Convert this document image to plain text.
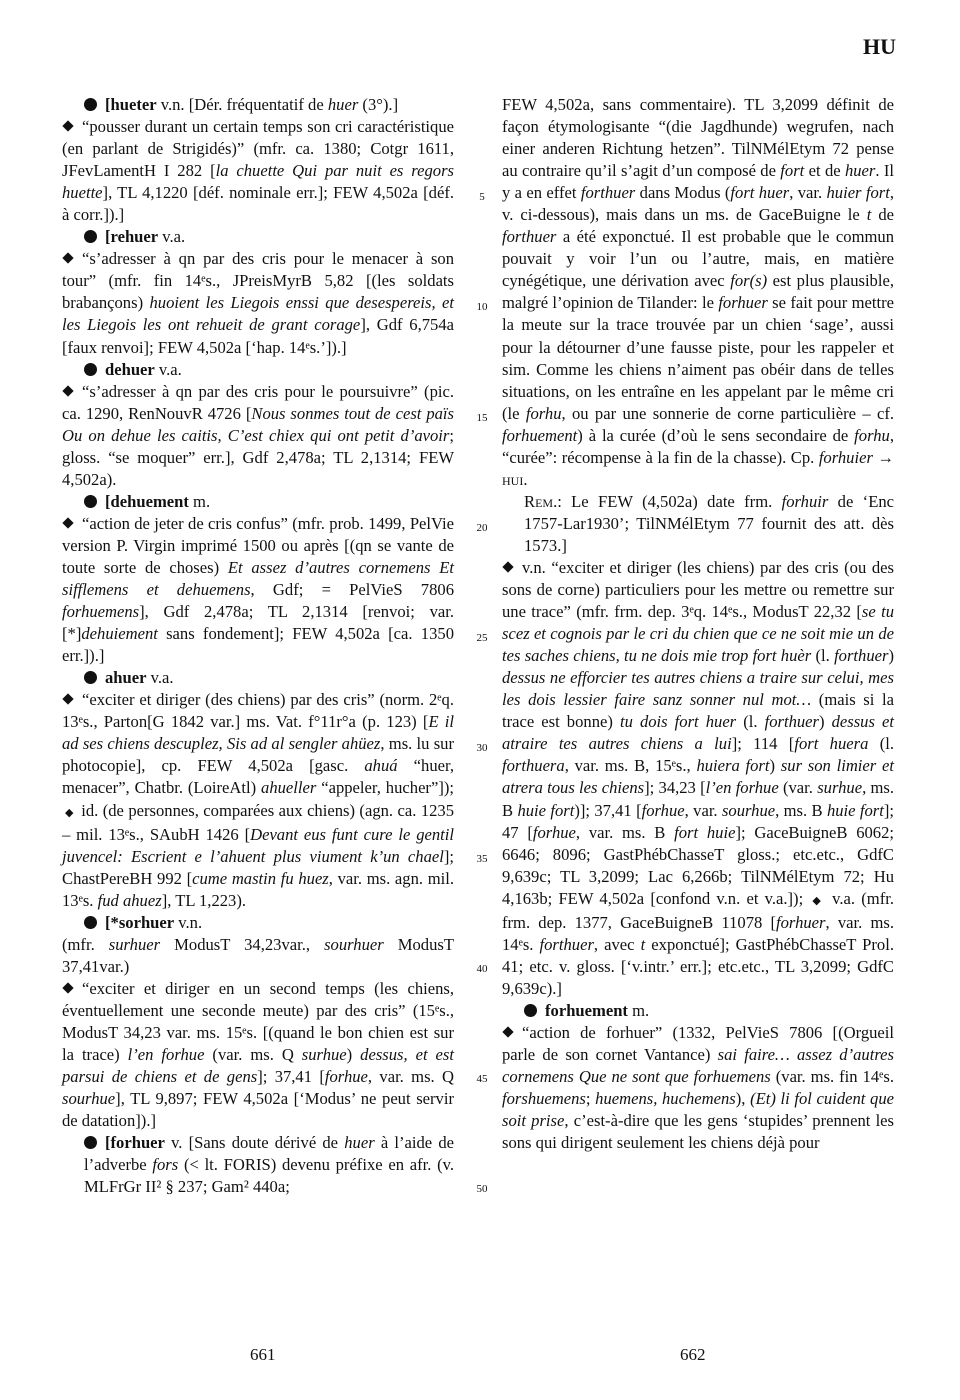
HU

[hueter v.n. [Dér. fréquentatif de huer (3°).]

“pousser durant un certain temps son cri caractéristique (en parlant de Strigidés)” (mfr. ca. 1380; Cotgr 1611, JFevLamentH I 282 [la chuette Qui par nuit es regors huette], TL 4,1220 [déf. nominale err.]; FEW 4,502a [déf. à corr.]).]

[rehuer v.a.

“s’adresser à qn par des cris pour le menacer à son tour” (mfr. fin 14ᵉs., JPreisMyrB 5,82 [(les soldats brabançons) huoient les Liegois enssi que desespereis, et les Liegois les ont rehueit de grant corage], Gdf 6,754a [faux renvoi]; FEW 4,502a [‘hap. 14ᵉs.’]).]

dehuer v.a.

“s’adresser à qn par des cris pour le poursuivre” (pic. ca. 1290, RenNouvR 4726 [Nous sonmes tout de cest païs Ou on dehue les caitis, C’est chiex qui ont petit d’avoir; gloss. “se moquer” err.], Gdf 2,478a; TL 2,1314; FEW 4,502a).

[dehuement m.

“action de jeter de cris confus” (mfr. prob. 1499, PelVie version P. Virgin imprimé 1500 ou après [(qn se vante de toute sorte de choses) Et assez d’autres cornemens Et sifflemens et dehuemens, Gdf; = PelVieS 7806 forhuemens], Gdf 2,478a; TL 2,1314 [renvoi; var. [*]dehuiement sans fondement]; FEW 4,502a [ca. 1350 err.]).]

ahuer v.a.

“exciter et diriger (des chiens) par des cris” (norm. 2ᵉq. 13ᵉs., Parton[G 1842 var.] ms. Vat. f°11r°a (p. 123) [E il ad ses chiens descuplez, Sis ad al sengler ahüez, ms. lu sur photocopie], cp. FEW 4,502a [gasc. ahuá “huer, menacer”, Chatbr. (LoireAtl) ahueller “appeler, hucher”]); ◆ id. (de personnes, comparées aux chiens) (agn. ca. 1235 – mil. 13ᵉs., SAubH 1426 [Devant eus funt cure le gentil juvencel: Escrient e l’ahuent plus viument k’un chael]; ChastPereBH 992 [cume mastin fu huez, var. ms. agn. mil. 13ᵉs. fud ahuez], TL 1,223).

[*sorhuer v.n.

(mfr. surhuer ModusT 34,23var., sourhuer ModusT 37,41var.)

“exciter et diriger en un second temps (les chiens, éventuellement une seconde meute) par des cris” (15ᵉs., ModusT 34,23 var. ms. 15ᵉs. [(quand le bon chien est sur la trace) l’en forhue (var. ms. Q surhue) dessus, et est parsui de chiens et de gens]; 37,41 [forhue, var. ms. Q sourhue], TL 9,897; FEW 4,502a [‘Modus’ ne peut servir de datation]).]

[forhuer v. [Sans doute dérivé de huer à l’aide de l’adverbe fors (< lt. FORIS) devenu préfixe en afr. (v. MLFrGr II² § 237; Gam² 440a;

5
10
15
20
25
30
35
40
45
50

FEW 4,502a, sans commentaire). TL 3,2099 définit de façon étymologisante “(die Jagdhunde) wegrufen, nach einer anderen Richtung hetzen”. TilNMélEtym 72 pense au contraire qu’il s’agit d’un composé de fort et de huer. Il y a en effet forthuer dans Modus (fort huer, var. huier fort, v. ci-dessous), mais dans un ms. de GaceBuigne le t de forthuer a été exponctué. Il est probable que le commun pouvait y voir l’un ou l’autre, mais, en matière cynégétique, une dérivation avec for(s) est plus plausible, malgré l’opinion de Tilander: le forhuer se fait pour mettre la meute sur la trace trouvée par un chien ‘sage’, aussi pour la détourner d’une fausse piste, pour les rappeler et sim. Comme les chiens n’aiment pas obéir dans de telles situations, on les entraîne en les appelant par le même cri (le forhu, ou par une sonnerie de corne particulière – cf. forhuement) à la curée (d’où le sens secondaire de forhu, “curée”: récompense à la fin de la chasse). Cp. forhuier → hui.

Rem.: Le FEW (4,502a) date frm. forhuir de ‘Enc 1757-Lar1930’; TilNMélEtym 77 fournit des att. dès 1573.]

v.n. “exciter et diriger (les chiens) par des cris (ou des sons de corne) particuliers pour les mettre ou remettre sur une trace” (mfr. frm. dep. 3ᵉq. 14ᵉs., ModusT 22,32 [se tu scez et cognois par le cri du chien que ce ne soit mie un de tes saches chiens, tu ne dois mie trop fort huèr (l. forthuer) dessus ne efforcier tes autres chiens a traire sur celui, mes les dois lessier faire sanz sonner nul mot… (mais si la trace est bonne) tu dois fort huer (l. forthuer) dessus et atraire tes autres chiens a lui]; 114 [fort huera (l. forthuera, var. ms. B, 15ᵉs., huiera fort) sur son limier et atrera tous les chiens]; 34,23 [l’en forhue (var. surhue, ms. B huie fort)]; 37,41 [forhue, var. sourhue, ms. B huie fort]; 47 [forhue, var. ms. B fort huie]; GaceBuigneB 6062; 6646; 8096; GastPhébChasseT gloss.; etc.etc., GdfC 9,639c; TL 3,2099; Lac 6,266b; TilNMélEtym 72; Hu 4,163b; FEW 4,502a [confond v.n. et v.a.]); ◆ v.a. (mfr. frm. dep. 1377, GaceBuigneB 11078 [forhuer, var. ms. 14ᵉs. forthuer, avec t exponctué]; GastPhébChasseT Prol. 41; etc. v. gloss. [‘v.intr.’ err.]; etc.etc., TL 3,2099; GdfC 9,639c).]

forhuement m.

“action de forhuer” (1332, PelVieS 7806 [(Orgueil parle de son cornet Vantance) sai faire… assez d’autres cornemens Que ne sont que forhuemens (var. ms. fin 14ᵉs. forshuemens; huemens, huchemens), (Et) li fol cuident que soit prise, c’est-à-dire que les gens ‘stupides’ prennent les sons qui dirigent seulement les chiens déjà pour

661	662
